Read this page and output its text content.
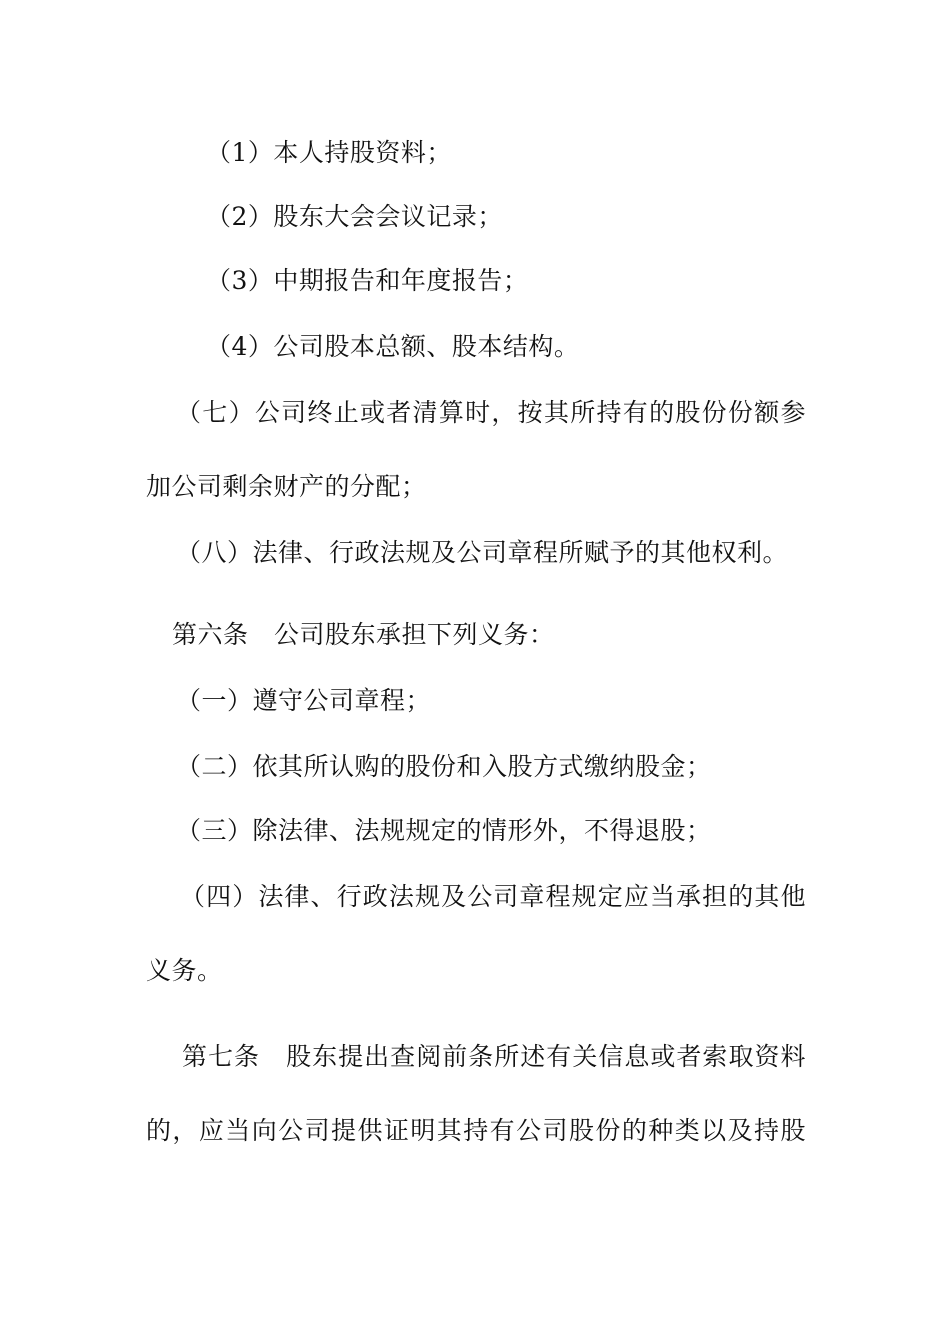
（1）本人持股资料；
（2）股东大会会议记录；
（3）中期报告和年度报告；
（4）公司股本总额、股本结构。
（七）公司终止或者清算时，按其所持有的股份份额参
加公司剩余财产的分配；
（八）法律、行政法规及公司章程所赋予的其他权利。
第六条　公司股东承担下列义务：
（一）遵守公司章程；
（二）依其所认购的股份和入股方式缴纳股金；
（三）除法律、法规规定的情形外，不得退股；
（四）法律、行政法规及公司章程规定应当承担的其他
义务。
第七条　股东提出查阅前条所述有关信息或者索取资料
的，应当向公司提供证明其持有公司股份的种类以及持股
